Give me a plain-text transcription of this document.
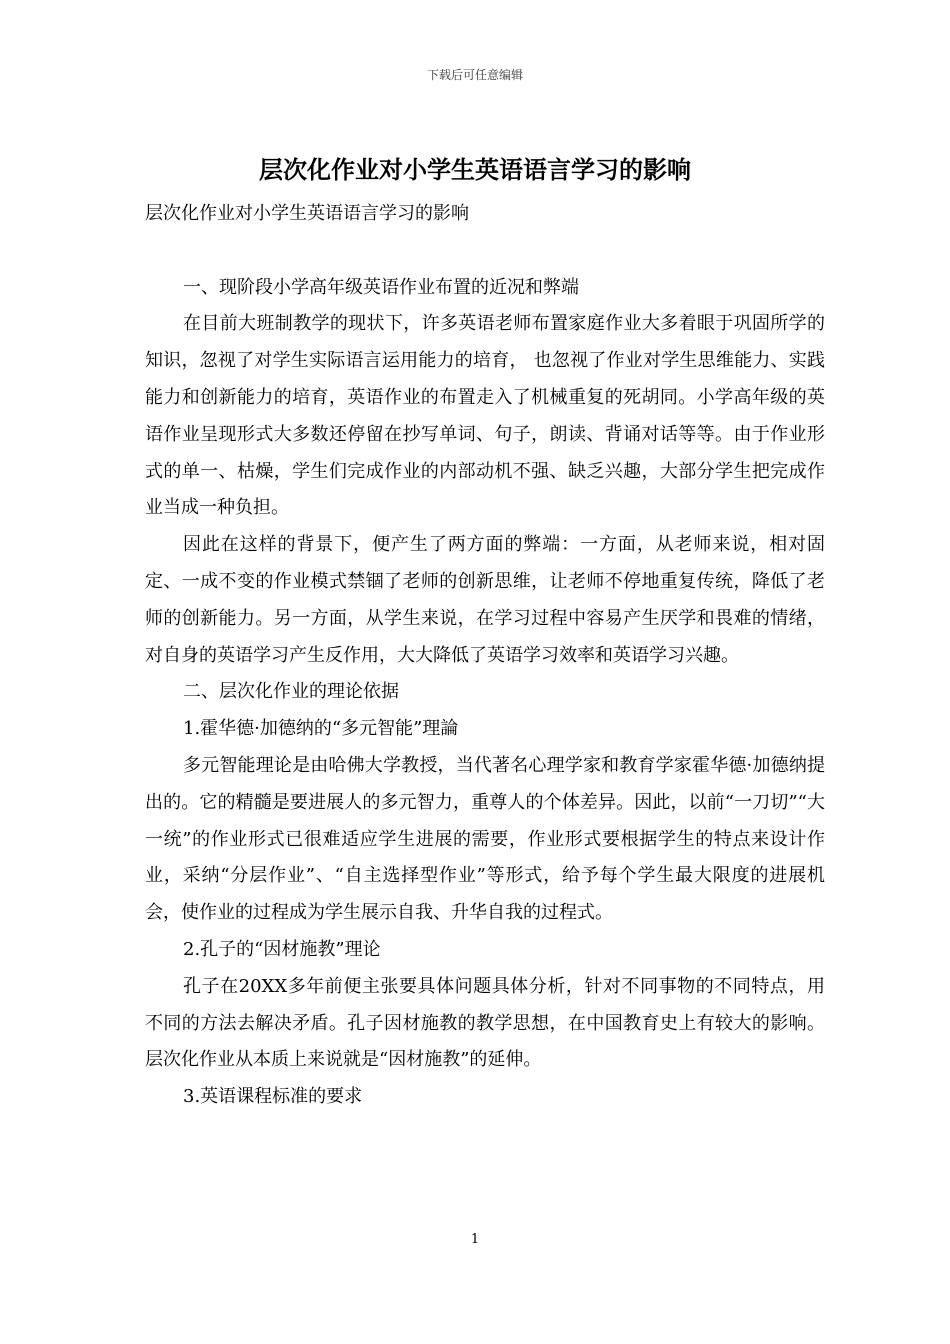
下载后可任意编辑
层次化作业对小学生英语语言学习的影响

层次化作业对小学生英语语言学习的影响

一、现阶段小学高年级英语作业布置的近况和弊端

在目前大班制教学的现状下，许多英语老师布置家庭作业大多着眼于巩固所学的知识，忽视了对学生实际语言运用能力的培育， 也忽视了作业对学生思维能力、实践能力和创新能力的培育，英语作业的布置走入了机械重复的死胡同。小学高年级的英语作业呈现形式大多数还停留在抄写单词、句子，朗读、背诵对话等等。由于作业形式的单一、枯燥，学生们完成作业的内部动机不强、缺乏兴趣，大部分学生把完成作业当成一种负担。

因此在这样的背景下，便产生了两方面的弊端：一方面，从老师来说，相对固定、一成不变的作业模式禁锢了老师的创新思维，让老师不停地重复传统，降低了老师的创新能力。另一方面，从学生来说，在学习过程中容易产生厌学和畏难的情绪，对自身的英语学习产生反作用，大大降低了英语学习效率和英语学习兴趣。

二、层次化作业的理论依据

1.霍华德·加德纳的“多元智能”理論

多元智能理论是由哈佛大学教授，当代著名心理学家和教育学家霍华德·加德纳提出的。它的精髓是要进展人的多元智力，重尊人的个体差异。因此，以前“一刀切”“大一统”的作业形式已很难适应学生进展的需要，作业形式要根据学生的特点来设计作业，采纳“分层作业”、“自主选择型作业”等形式，给予每个学生最大限度的进展机会，使作业的过程成为学生展示自我、升华自我的过程式。

2.孔子的“因材施教”理论

孔子在20XX多年前便主张要具体问题具体分析，针对不同事物的不同特点，用不同的方法去解决矛盾。孔子因材施教的教学思想，在中国教育史上有较大的影响。层次化作业从本质上来说就是“因材施教”的延伸。

3.英语课程标准的要求

1
